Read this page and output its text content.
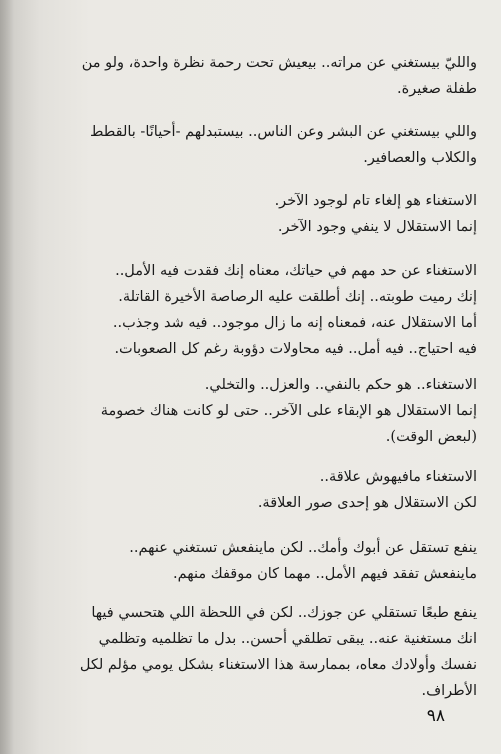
والليّ بيستغني عن مراته.. بيعيش تحت رحمة نظرة واحدة، ولو من
طفلة صغيرة.
واللي بيستغني عن البشر وعن الناس.. بيستبدلهم -أحيانًا- بالقطط
والكلاب والعصافير.
الاستغناء هو إلغاء تام لوجود الآخر.
إنما الاستقلال لا ينفي وجود الآخر.
الاستغناء عن حد مهم في حياتك، معناه إنك فقدت فيه الأمل..
إنك رميت طوبته.. إنك أطلقت عليه الرصاصة الأخيرة القاتلة.
أما الاستقلال عنه، فمعناه إنه ما زال موجود.. فيه شد وجذب..
فيه احتياج.. فيه أمل.. فيه محاولات دؤوبة رغم كل الصعوبات.
الاستغناء.. هو حكم بالنفي.. والعزل.. والتخلي.
إنما الاستقلال هو الإبقاء على الآخر.. حتى لو كانت هناك خصومة
(لبعض الوقت).
الاستغناء مافيهوش علاقة..
لكن الاستقلال هو إحدى صور العلاقة.
ينفع تستقل عن أبوك وأمك.. لكن ماينفعش تستغني عنهم..
ماينفعش تفقد فيهم الأمل.. مهما كان موقفك منهم.
ينفع طبعًا تستقلي عن جوزك.. لكن في اللحظة اللي هتحسي فيها
انك مستغنية عنه.. يبقى تطلقي أحسن.. بدل ما تظلميه وتظلمي
نفسك وأولادك معاه، بممارسة هذا الاستغناء بشكل يومي مؤلم لكل
الأطراف.
٩٨
